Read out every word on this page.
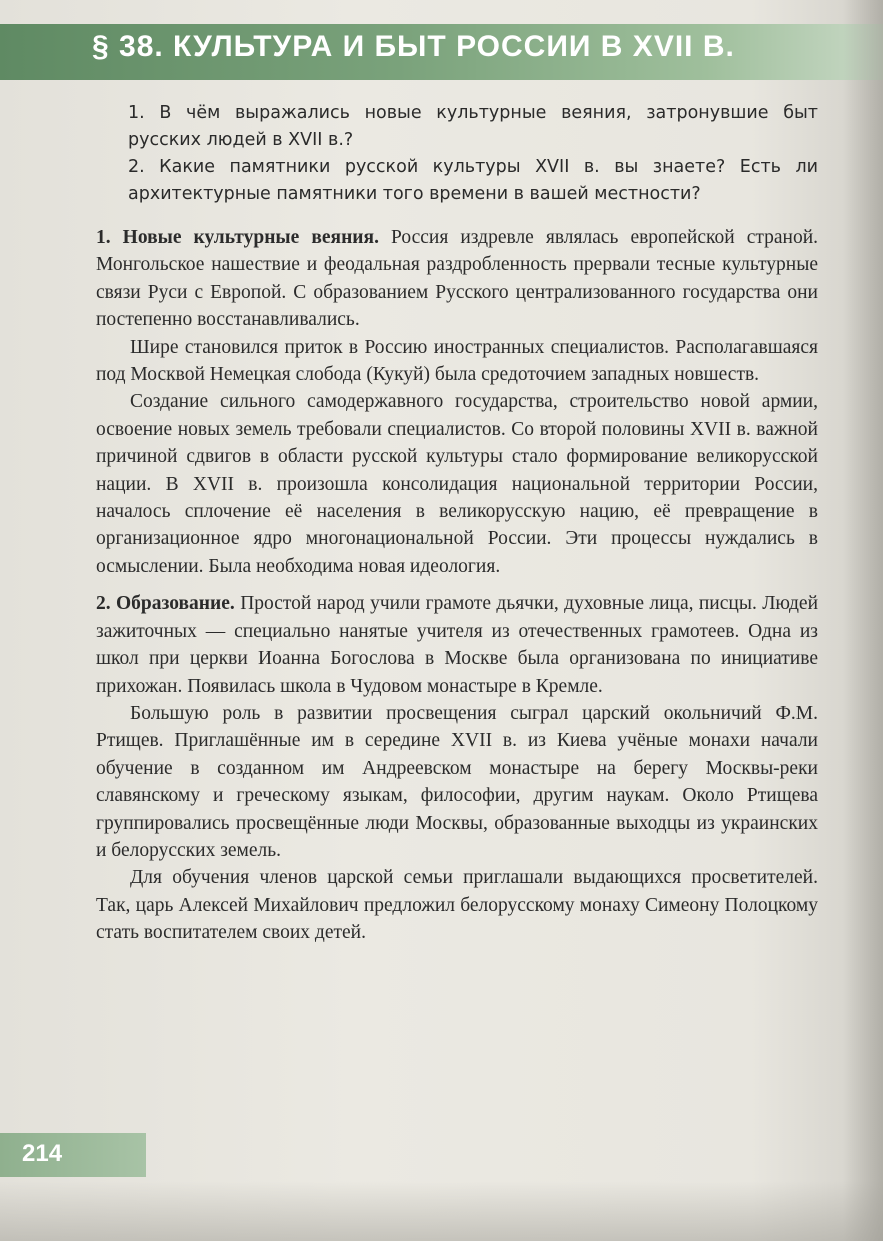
§ 38. КУЛЬТУРА И БЫТ РОССИИ В XVII В.

1. В чём выражались новые культурные веяния, затронувшие быт русских людей в XVII в.?

2. Какие памятники русской культуры XVII в. вы знаете? Есть ли архитектурные памятники того времени в вашей местности?

1. Новые культурные веяния. Россия издревле являлась европейской страной. Монгольское нашествие и феодальная раздробленность прервали тесные культурные связи Руси с Европой. С образованием Русского централизованного государства они постепенно восстанавливались.

Шире становился приток в Россию иностранных специалистов. Располагавшаяся под Москвой Немецкая слобода (Кукуй) была средоточием западных новшеств.

Создание сильного самодержавного государства, строительство новой армии, освоение новых земель требовали специалистов. Со второй половины XVII в. важной причиной сдвигов в области русской культуры стало формирование великорусской нации. В XVII в. произошла консолидация национальной территории России, началось сплочение её населения в великорусскую нацию, её превращение в организационное ядро многонациональной России. Эти процессы нуждались в осмыслении. Была необходима новая идеология.

2. Образование. Простой народ учили грамоте дьячки, духовные лица, писцы. Людей зажиточных — специально нанятые учителя из отечественных грамотеев. Одна из школ при церкви Иоанна Богослова в Москве была организована по инициативе прихожан. Появилась школа в Чудовом монастыре в Кремле.

Большую роль в развитии просвещения сыграл царский окольничий Ф.М. Ртищев. Приглашённые им в середине XVII в. из Киева учёные монахи начали обучение в созданном им Андреевском монастыре на берегу Москвы-реки славянскому и греческому языкам, философии, другим наукам. Около Ртищева группировались просвещённые люди Москвы, образованные выходцы из украинских и белорусских земель.

Для обучения членов царской семьи приглашали выдающихся просветителей. Так, царь Алексей Михайлович предложил белорусскому монаху Симеону Полоцкому стать воспитателем своих детей.

214
